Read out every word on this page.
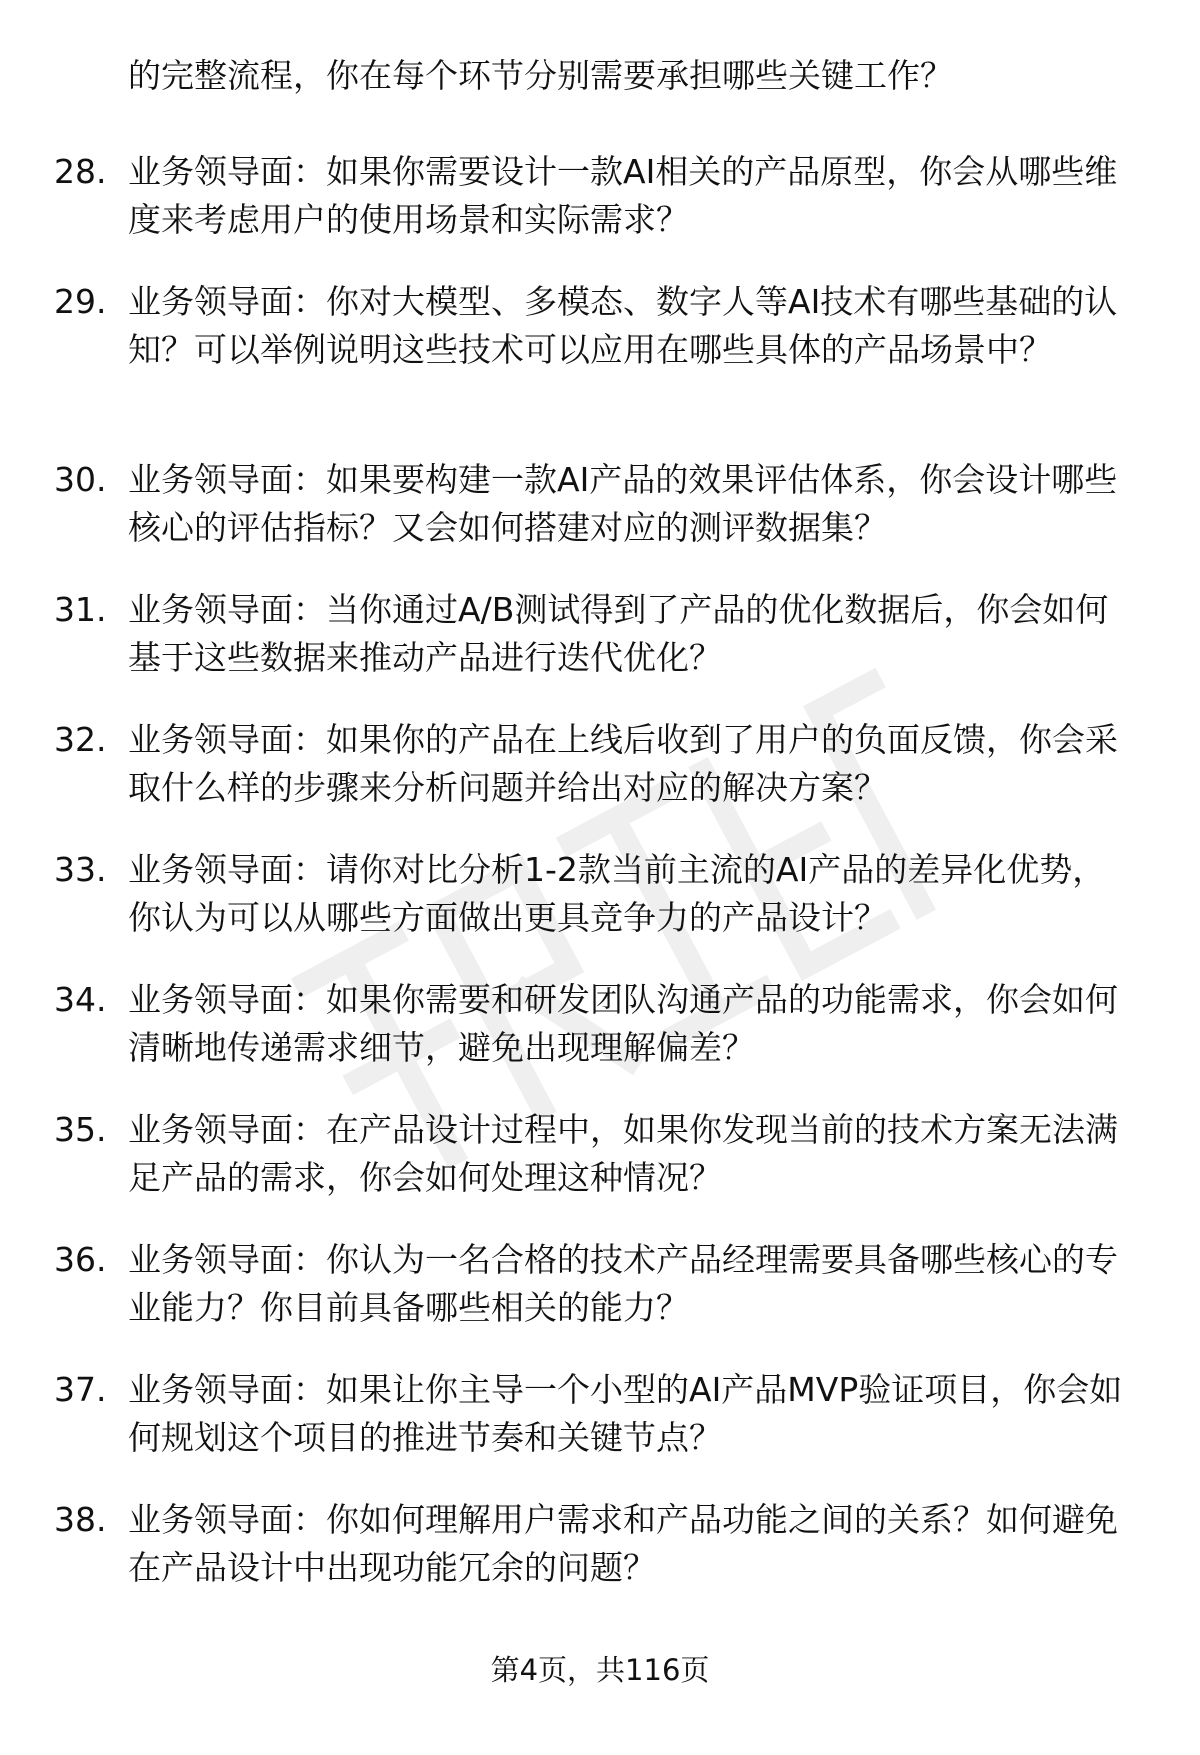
的完整流程，你在每个环节分别需要承担哪些关键工作？

28. 业务领导面：如果你需要设计一款AI相关的产品原型，你会从哪些维度来考虑用户的使用场景和实际需求？
29. 业务领导面：你对大模型、多模态、数字人等AI技术有哪些基础的认知？可以举例说明这些技术可以应用在哪些具体的产品场景中？
30. 业务领导面：如果要构建一款AI产品的效果评估体系，你会设计哪些核心的评估指标？又会如何搭建对应的测评数据集？
31. 业务领导面：当你通过A/B测试得到了产品的优化数据后，你会如何基于这些数据来推动产品进行迭代优化？
32. 业务领导面：如果你的产品在上线后收到了用户的负面反馈，你会采取什么样的步骤来分析问题并给出对应的解决方案？
33. 业务领导面：请你对比分析1-2款当前主流的AI产品的差异化优势，你认为可以从哪些方面做出更具竞争力的产品设计？
34. 业务领导面：如果你需要和研发团队沟通产品的功能需求，你会如何清晰地传递需求细节，避免出现理解偏差？
35. 业务领导面：在产品设计过程中，如果你发现当前的技术方案无法满足产品的需求，你会如何处理这种情况？
36. 业务领导面：你认为一名合格的技术产品经理需要具备哪些核心的专业能力？你目前具备哪些相关的能力？
37. 业务领导面：如果让你主导一个小型的AI产品MVP验证项目，你会如何规划这个项目的推进节奏和关键节点？
38. 业务领导面：你如何理解用户需求和产品功能之间的关系？如何避免在产品设计中出现功能冗余的问题？
第4页，共116页
